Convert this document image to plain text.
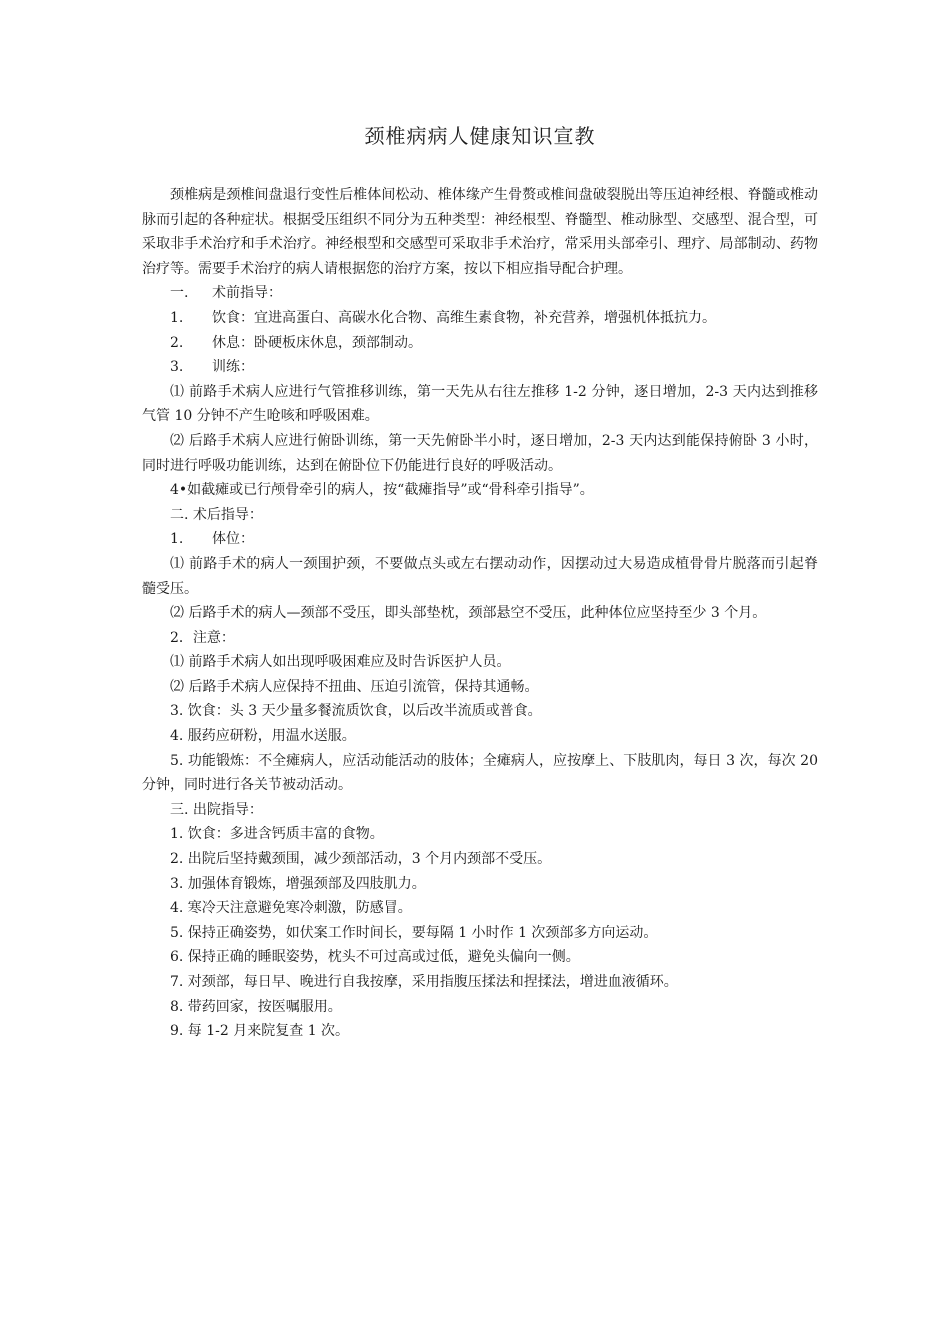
颈椎病病人健康知识宣教

颈椎病是颈椎间盘退行变性后椎体间松动、椎体缘产生骨赘或椎间盘破裂脱出等压迫神经根、脊髓或椎动脉而引起的各种症状。根据受压组织不同分为五种类型：神经根型、脊髓型、椎动脉型、交感型、混合型，可采取非手术治疗和手术治疗。神经根型和交感型可采取非手术治疗，常采用头部牵引、理疗、局部制动、药物治疗等。需要手术治疗的病人请根据您的治疗方案，按以下相应指导配合护理。

一. 术前指导：

1. 饮食：宜进高蛋白、高碳水化合物、高维生素食物，补充营养，增强机体抵抗力。

2. 休息：卧硬板床休息，颈部制动。

3. 训练：

⑴ 前路手术病人应进行气管推移训练，第一天先从右往左推移 1-2 分钟，逐日增加，2-3 天内达到推移气管 10 分钟不产生呛咳和呼吸困难。

⑵ 后路手术病人应进行俯卧训练，第一天先俯卧半小时，逐日增加，2-3 天内达到能保持俯卧 3 小时，同时进行呼吸功能训练，达到在俯卧位下仍能进行良好的呼吸活动。

4•如截瘫或已行颅骨牵引的病人，按“截瘫指导”或“骨科牵引指导”。

二. 术后指导：

1. 体位：

⑴ 前路手术的病人一颈围护颈，不要做点头或左右摆动动作，因摆动过大易造成植骨骨片脱落而引起脊髓受压。

⑵ 后路手术的病人—颈部不受压，即头部垫枕，颈部悬空不受压，此种体位应坚持至少 3 个月。

2．注意：

⑴ 前路手术病人如出现呼吸困难应及时告诉医护人员。

⑵ 后路手术病人应保持不扭曲、压迫引流管，保持其通畅。

3. 饮食：头 3 天少量多餐流质饮食，以后改半流质或普食。

4. 服药应研粉，用温水送服。

5. 功能锻炼：不全瘫病人，应活动能活动的肢体；全瘫病人，应按摩上、下肢肌肉，每日 3 次，每次 20 分钟，同时进行各关节被动活动。

三. 出院指导：

1. 饮食：多进含钙质丰富的食物。

2. 出院后坚持戴颈围，减少颈部活动，3 个月内颈部不受压。

3. 加强体育锻炼，增强颈部及四肢肌力。

4. 寒冷天注意避免寒冷刺激，防感冒。

5. 保持正确姿势，如伏案工作时间长，要每隔 1 小时作 1 次颈部多方向运动。

6. 保持正确的睡眠姿势，枕头不可过高或过低，避免头偏向一侧。

7. 对颈部，每日早、晚进行自我按摩，采用指腹压揉法和捏揉法，增进血液循环。

8. 带药回家，按医嘱服用。

9. 每 1-2 月来院复查 1 次。
